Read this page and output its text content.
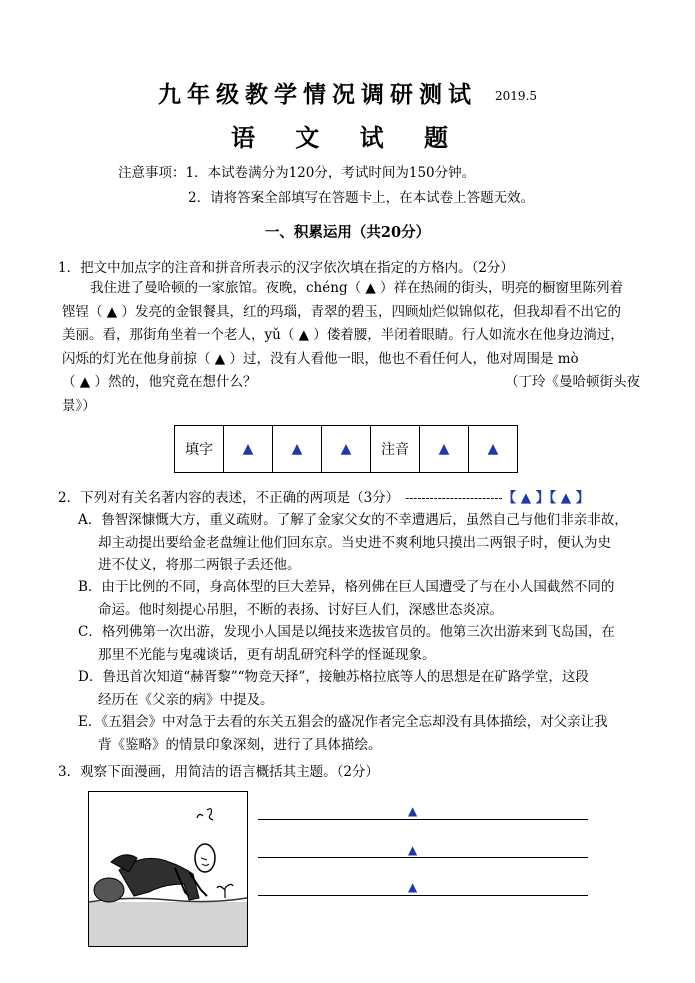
九年级教学情况调研测试 2019.5
语 文 试 题
注意事项：1．本试卷满分为120分，考试时间为150分钟。
2．请将答案全部填写在答题卡上，在本试卷上答题无效。
一、积累运用（共20分）
1．把文中加点字的注音和拼音所表示的汉字依次填在指定的方格内。（2分）
我住进了曼哈顿的一家旅馆。夜晚，chéng（ ▲ ）祥在热闹的街头，明亮的橱窗里陈列着
铿锃（ ▲ ）发亮的金银餐具，红的玛瑙，青翠的碧玉，四顾灿烂似锦似花，但我却看不出它的
美丽。看，那街角坐着一个老人，yǔ（ ▲ ）偻着腰，半闭着眼睛。行人如流水在他身边淌过，
闪烁的灯光在他身前掠（ ▲ ）过，没有人看他一眼，他也不看任何人，他对周围是 mò
（ ▲ ）然的，他究竟在想什么？	（丁玲《曼哈顿街头夜
景》）
填字	▲	▲	▲	注音	▲	▲
2．下列对有关名著内容的表述，不正确的两项是（3分） ------------------------【 ▲ 】【 ▲ 】
A．鲁智深慷慨大方，重义疏财。了解了金家父女的不幸遭遇后，虽然自己与他们非亲非故，
却主动提出要给金老盘缠让他们回东京。当史进不爽利地只摸出二两银子时，便认为史
进不仗义，将那二两银子丢还他。
B．由于比例的不同，身高体型的巨大差异，格列佛在巨人国遭受了与在小人国截然不同的
命运。他时刻提心吊胆，不断的表扬、讨好巨人们，深感世态炎凉。
C．格列佛第一次出游，发现小人国是以绳技来选拔官员的。他第三次出游来到飞岛国，在
那里不光能与鬼魂谈话，更有胡乱研究科学的怪诞现象。
D．鲁迅首次知道“赫胥黎”“物竞天择”，接触苏格拉底等人的思想是在矿路学堂，这段
经历在《父亲的病》中提及。
E．《五猖会》中对急于去看的东关五猖会的盛况作者完全忘却没有具体描绘，对父亲让我
背《鉴略》的情景印象深刻，进行了具体描绘。
3．观察下面漫画，用简洁的语言概括其主题。（2分）
▲
▲
▲
